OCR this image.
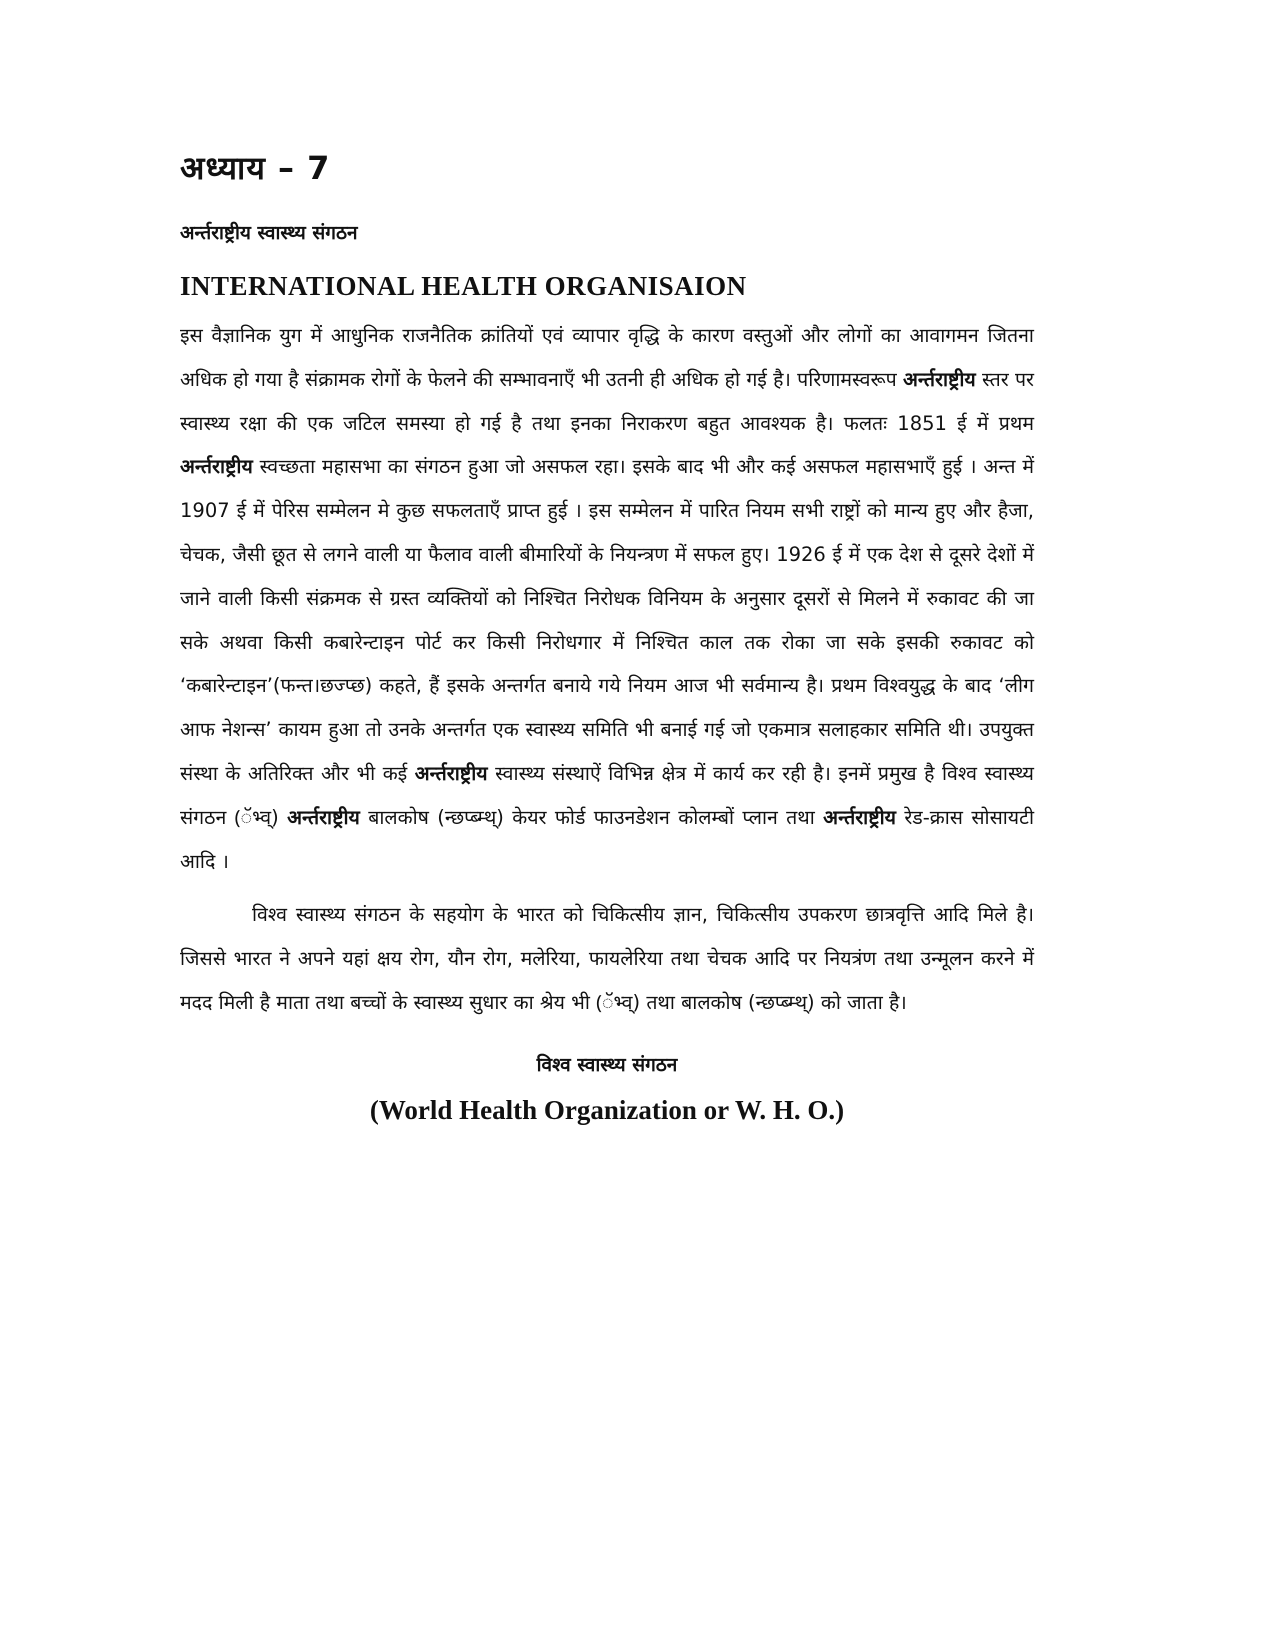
अध्याय – 7
अर्न्तराष्ट्रीय स्वास्थ्य संगठन
INTERNATIONAL HEALTH ORGANISAION

इस वैज्ञानिक युग में आधुनिक राजनैतिक क्रांतियों एवं व्यापार वृद्धि के कारण वस्तुओं और लोगों का आवागमन जितना अधिक हो गया है संक्रामक रोगों के फेलने की सम्भावनाएँ भी उतनी ही अधिक हो गई है। परिणामस्वरूप अर्न्तराष्ट्रीय स्तर पर स्वास्थ्य रक्षा की एक जटिल समस्या हो गई है तथा इनका निराकरण बहुत आवश्यक है। फलतः 1851 ई में प्रथम अर्न्तराष्ट्रीय स्वच्छता महासभा का संगठन हुआ जो असफल रहा। इसके बाद भी और कई असफल महासभाएँ हुई । अन्त में 1907 ई में पेरिस सम्मेलन मे कुछ सफलताएँ प्राप्त हुई । इस सम्मेलन में पारित नियम सभी राष्ट्रों को मान्य हुए और हैजा, चेचक, जैसी छूत से लगने वाली या फैलाव वाली बीमारियों के नियन्त्रण में सफल हुए। 1926 ई में एक देश से दूसरे देशों में जाने वाली किसी संक्रमक से ग्रस्त व्यक्तियों को निश्चित निरोधक विनियम के अनुसार दूसरों से मिलने में रुकावट की जा सके अथवा किसी कबारेन्टाइन पोर्ट कर किसी निरोधगार में निश्चित काल तक रोका जा सके इसकी रुकावट को ‘कबारेन्टाइन’(फन्त।छज्प्छ) कहते, हैं इसके अन्तर्गत बनाये गये नियम आज भी सर्वमान्य है। प्रथम विश्वयुद्ध के बाद ‘लीग आफ नेशन्स’ कायम हुआ तो उनके अन्तर्गत एक स्वास्थ्य समिति भी बनाई गई जो एकमात्र सलाहकार समिति थी। उपयुक्त संस्था के अतिरिक्त और भी कई अर्न्तराष्ट्रीय स्वास्थ्य संस्थाऐं विभिन्न क्षेत्र में कार्य कर रही है। इनमें प्रमुख है विश्व स्वास्थ्य संगठन (ॅभ्व्) अर्न्तराष्ट्रीय बालकोष (न्छप्ब्म्थ्) केयर फोर्ड फाउनडेशन कोलम्बों प्लान तथा अर्न्तराष्ट्रीय रेड-क्रास सोसायटी आदि ।

विश्व स्वास्थ्य संगठन के सहयोग के भारत को चिकित्सीय ज्ञान, चिकित्सीय उपकरण छात्रवृत्ति आदि मिले है। जिससे भारत ने अपने यहां क्षय रोग, यौन रोग, मलेरिया, फायलेरिया तथा चेचक आदि पर नियत्रंण तथा उन्मूलन करने में मदद मिली है माता तथा बच्चों के स्वास्थ्य सुधार का श्रेय भी (ॅभ्व्) तथा बालकोष (न्छप्ब्म्थ्) को जाता है।

विश्व स्वास्थ्य संगठन
(World Health Organization or W. H. O.)
